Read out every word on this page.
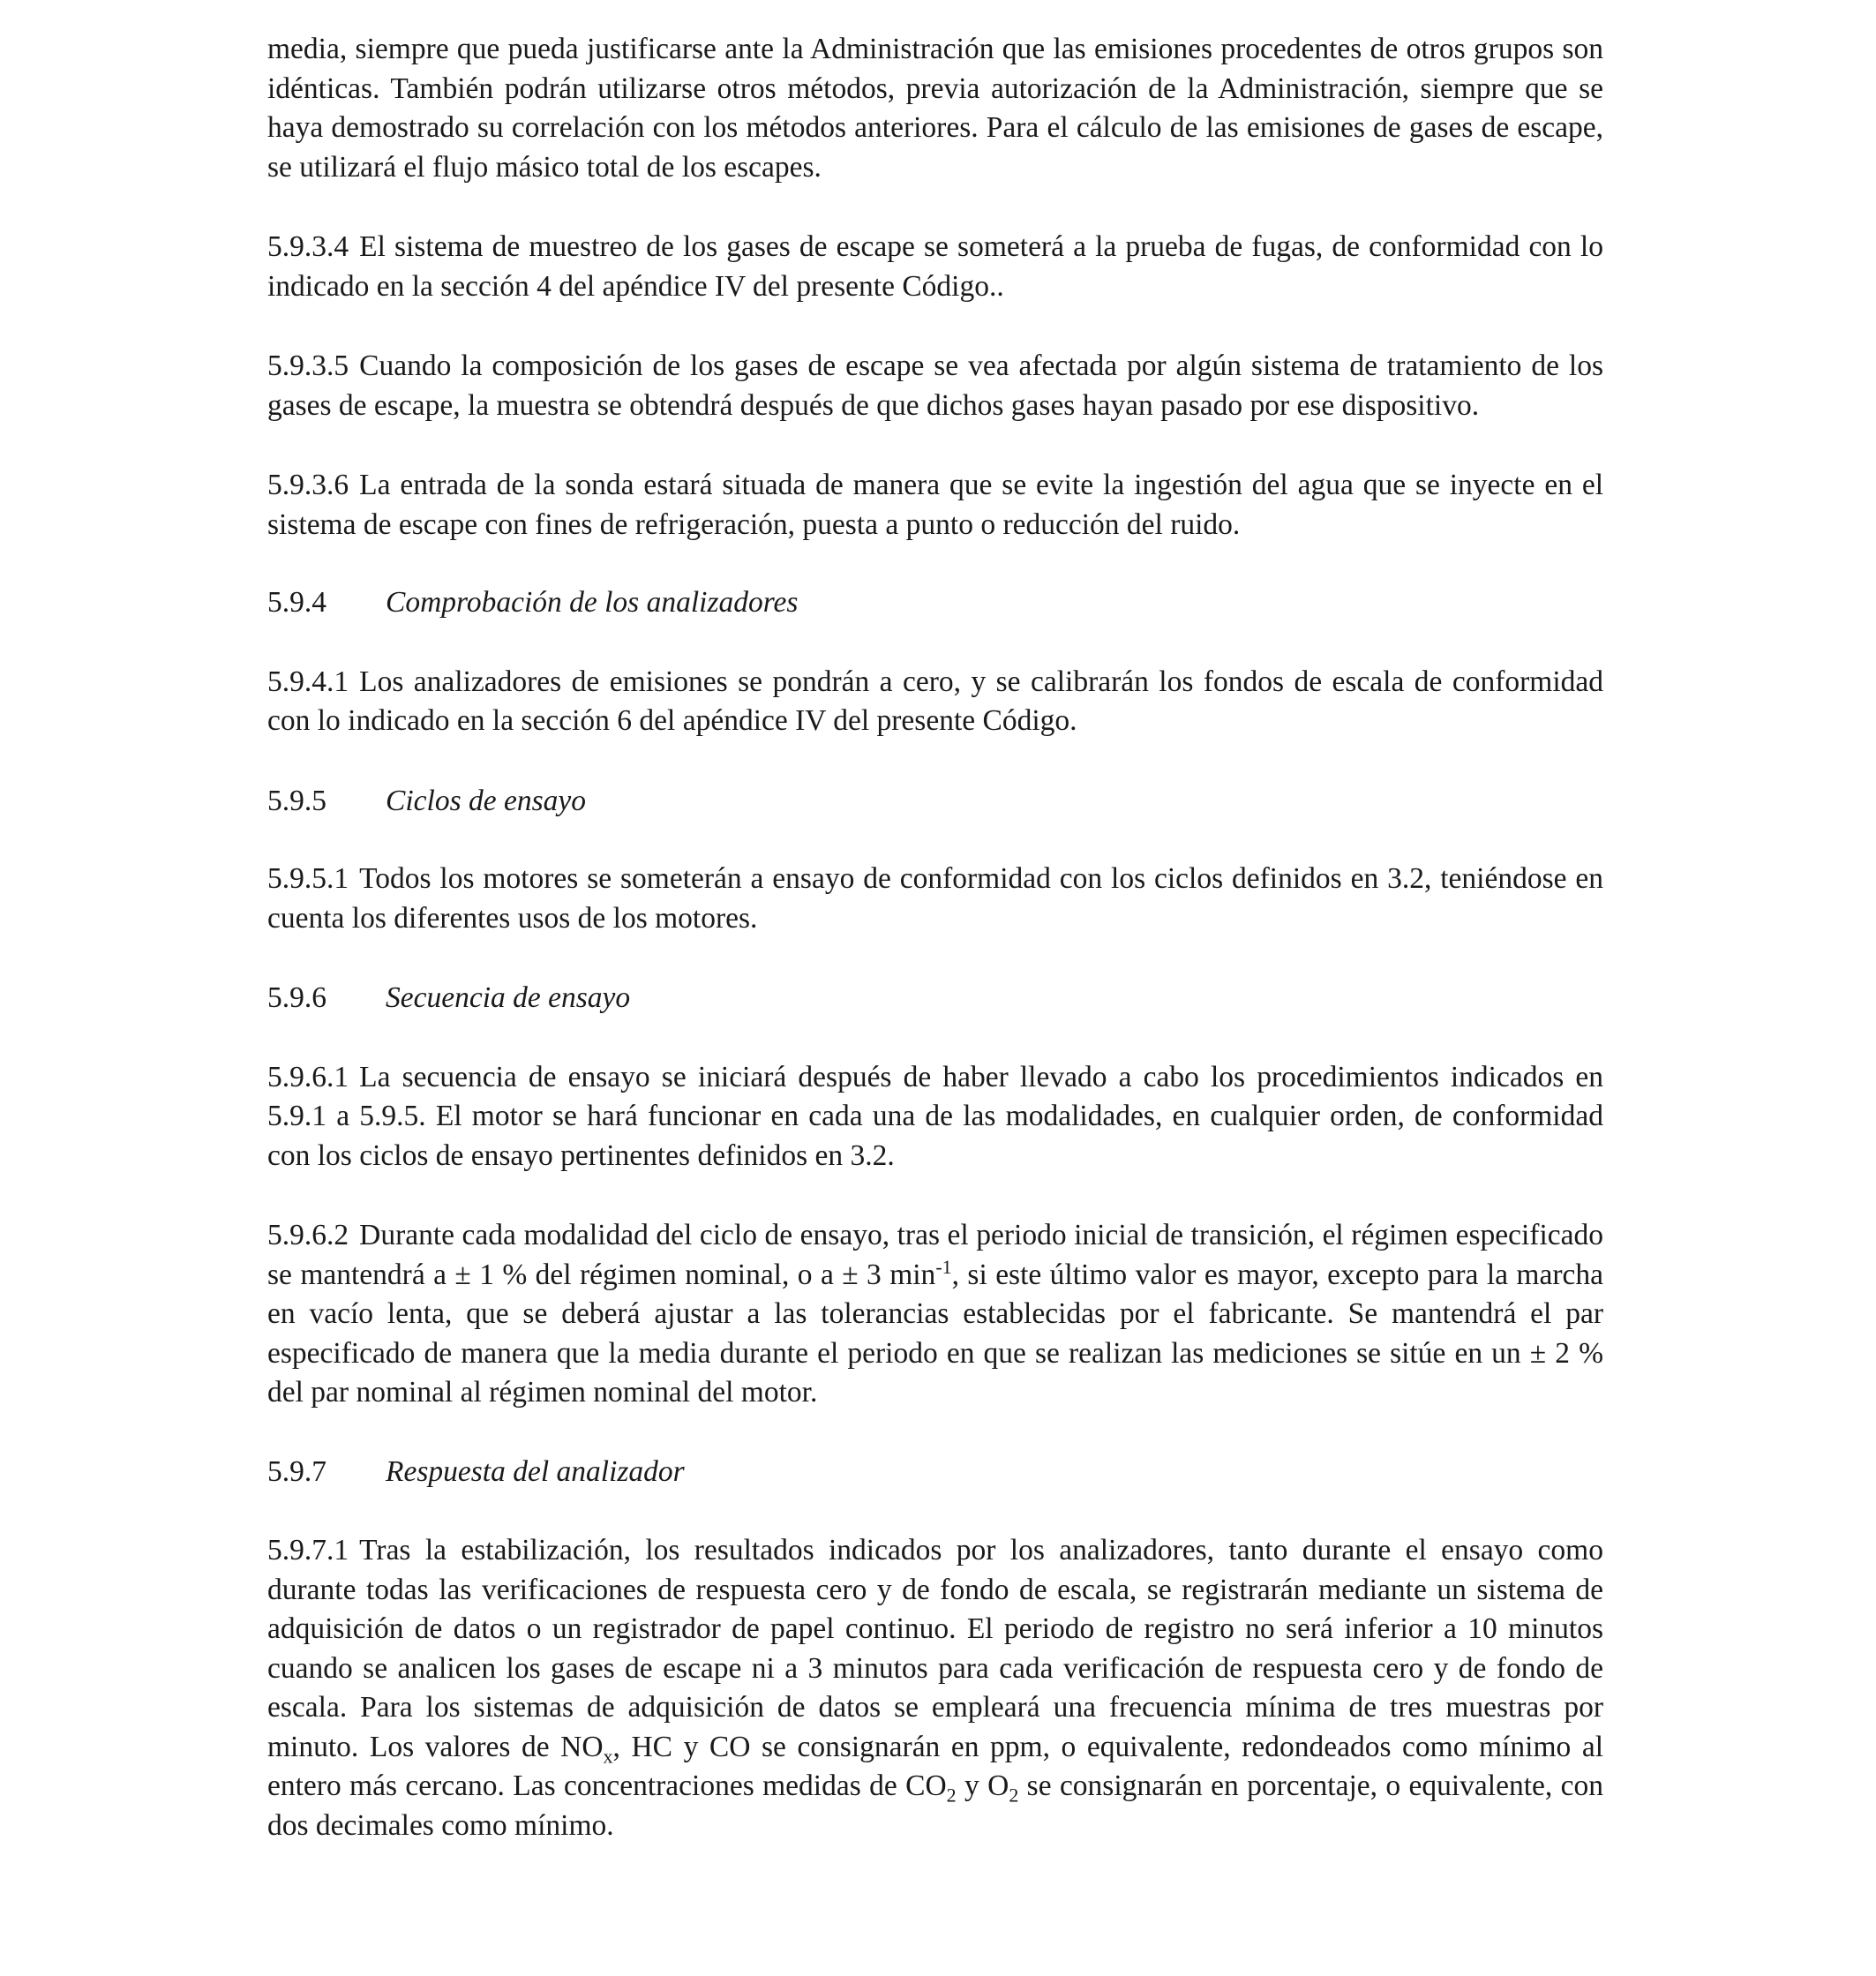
media, siempre que pueda justificarse ante la Administración que las emisiones procedentes de otros grupos son idénticas. También podrán utilizarse otros métodos, previa autorización de la Administración, siempre que se haya demostrado su correlación con los métodos anteriores. Para el cálculo de las emisiones de gases de escape, se utilizará el flujo másico total de los escapes.

5.9.3.4 El sistema de muestreo de los gases de escape se someterá a la prueba de fugas, de conformidad con lo indicado en la sección 4 del apéndice IV del presente Código..

5.9.3.5 Cuando la composición de los gases de escape se vea afectada por algún sistema de tratamiento de los gases de escape, la muestra se obtendrá después de que dichos gases hayan pasado por ese dispositivo.

5.9.3.6 La entrada de la sonda estará situada de manera que se evite la ingestión del agua que se inyecte en el sistema de escape con fines de refrigeración, puesta a punto o reducción del ruido.

5.9.4 Comprobación de los analizadores

5.9.4.1 Los analizadores de emisiones se pondrán a cero, y se calibrarán los fondos de escala de conformidad con lo indicado en la sección 6 del apéndice IV del presente Código.

5.9.5 Ciclos de ensayo

5.9.5.1 Todos los motores se someterán a ensayo de conformidad con los ciclos definidos en 3.2, teniéndose en cuenta los diferentes usos de los motores.

5.9.6 Secuencia de ensayo

5.9.6.1 La secuencia de ensayo se iniciará después de haber llevado a cabo los procedimientos indicados en 5.9.1 a 5.9.5. El motor se hará funcionar en cada una de las modalidades, en cualquier orden, de conformidad con los ciclos de ensayo pertinentes definidos en 3.2.

5.9.6.2 Durante cada modalidad del ciclo de ensayo, tras el periodo inicial de transición, el régimen especificado se mantendrá a ± 1 % del régimen nominal, o a ± 3 $\min^{-1}$, si este último valor es mayor, excepto para la marcha en vacío lenta, que se deberá ajustar a las tolerancias establecidas por el fabricante. Se mantendrá el par especificado de manera que la media durante el periodo en que se realizan las mediciones se sitúe en un ± 2 % del par nominal al régimen nominal del motor.

5.9.7 Respuesta del analizador

5.9.7.1 Tras la estabilización, los resultados indicados por los analizadores, tanto durante el ensayo como durante todas las verificaciones de respuesta cero y de fondo de escala, se registrarán mediante un sistema de adquisición de datos o un registrador de papel continuo. El periodo de registro no será inferior a 10 minutos cuando se analicen los gases de escape ni a 3 minutos para cada verificación de respuesta cero y de fondo de escala. Para los sistemas de adquisición de datos se empleará una frecuencia mínima de tres muestras por minuto. Los valores de $NO_x$, HC y CO se consignarán en ppm, o equivalente, redondeados como mínimo al entero más cercano. Las concentraciones medidas de $CO_2$ y $O_2$ se consignarán en porcentaje, o equivalente, con dos decimales como mínimo.
